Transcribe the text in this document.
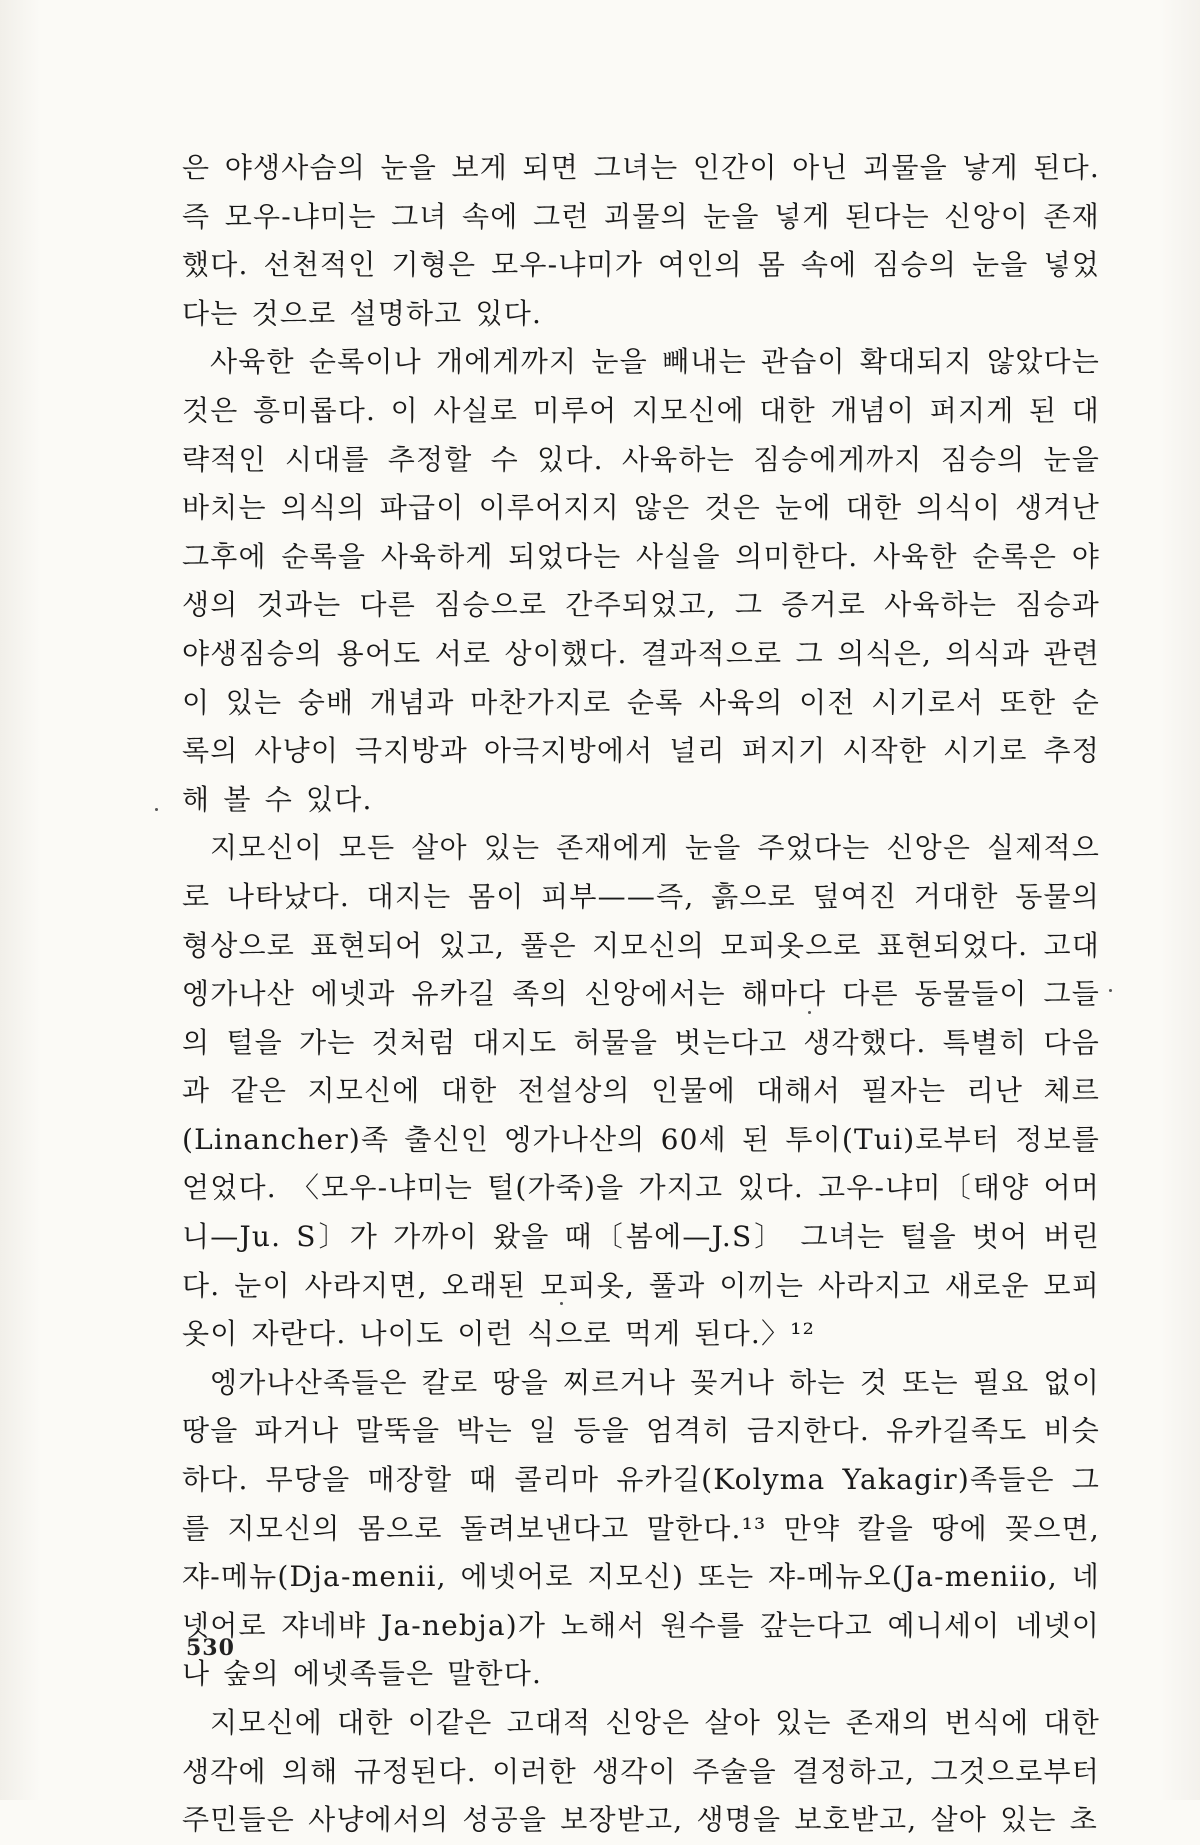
은 야생사슴의 눈을 보게 되면 그녀는 인간이 아닌 괴물을 낳게 된다. 즉 모우-냐미는 그녀 속에 그런 괴물의 눈을 넣게 된다는 신앙이 존재했다. 선천적인 기형은 모우-냐미가 여인의 몸 속에 짐승의 눈을 넣었다는 것으로 설명하고 있다.

사육한 순록이나 개에게까지 눈을 빼내는 관습이 확대되지 않았다는 것은 흥미롭다. 이 사실로 미루어 지모신에 대한 개념이 퍼지게 된 대략적인 시대를 추정할 수 있다. 사육하는 짐승에게까지 짐승의 눈을 바치는 의식의 파급이 이루어지지 않은 것은 눈에 대한 의식이 생겨난 그후에 순록을 사육하게 되었다는 사실을 의미한다. 사육한 순록은 야생의 것과는 다른 짐승으로 간주되었고, 그 증거로 사육하는 짐승과 야생짐승의 용어도 서로 상이했다. 결과적으로 그 의식은, 의식과 관련이 있는 숭배 개념과 마찬가지로 순록 사육의 이전 시기로서 또한 순록의 사냥이 극지방과 아극지방에서 널리 퍼지기 시작한 시기로 추정해 볼 수 있다.

지모신이 모든 살아 있는 존재에게 눈을 주었다는 신앙은 실제적으로 나타났다. 대지는 몸이 피부——즉, 흙으로 덮여진 거대한 동물의 형상으로 표현되어 있고, 풀은 지모신의 모피옷으로 표현되었다. 고대 엥가나산 에넷과 유카길 족의 신앙에서는 해마다 다른 동물들이 그들의 털을 가는 것처럼 대지도 허물을 벗는다고 생각했다. 특별히 다음과 같은 지모신에 대한 전설상의 인물에 대해서 필자는 리난 체르(Linancher)족 출신인 엥가나산의 60세 된 투이(Tui)로부터 정보를 얻었다. 〈모우-냐미는 털(가죽)을 가지고 있다. 고우-냐미〔태양 어머니—Ju. S〕가 가까이 왔을 때〔봄에—J.S〕 그녀는 털을 벗어 버린다. 눈이 사라지면, 오래된 모피옷, 풀과 이끼는 사라지고 새로운 모피옷이 자란다. 나이도 이런 식으로 먹게 된다.〉¹²

엥가나산족들은 칼로 땅을 찌르거나 꽂거나 하는 것 또는 필요 없이 땅을 파거나 말뚝을 박는 일 등을 엄격히 금지한다. 유카길족도 비슷하다. 무당을 매장할 때 콜리마 유카길(Kolyma Yakagir)족들은 그를 지모신의 몸으로 돌려보낸다고 말한다.¹³ 만약 칼을 땅에 꽂으면, 쟈-메뉴(Dja-menii, 에넷어로 지모신) 또는 쟈-메뉴오(Ja-meniio, 네넷어로 쟈네뱌 Ja-nebja)가 노해서 원수를 갚는다고 예니세이 네넷이나 숲의 에넷족들은 말한다.

지모신에 대한 이같은 고대적 신앙은 살아 있는 존재의 번식에 대한 생각에 의해 규정된다. 이러한 생각이 주술을 결정하고, 그것으로부터 주민들은 사냥에서의 성공을 보장받고, 생명을 보호받고, 살아 있는 초

530
